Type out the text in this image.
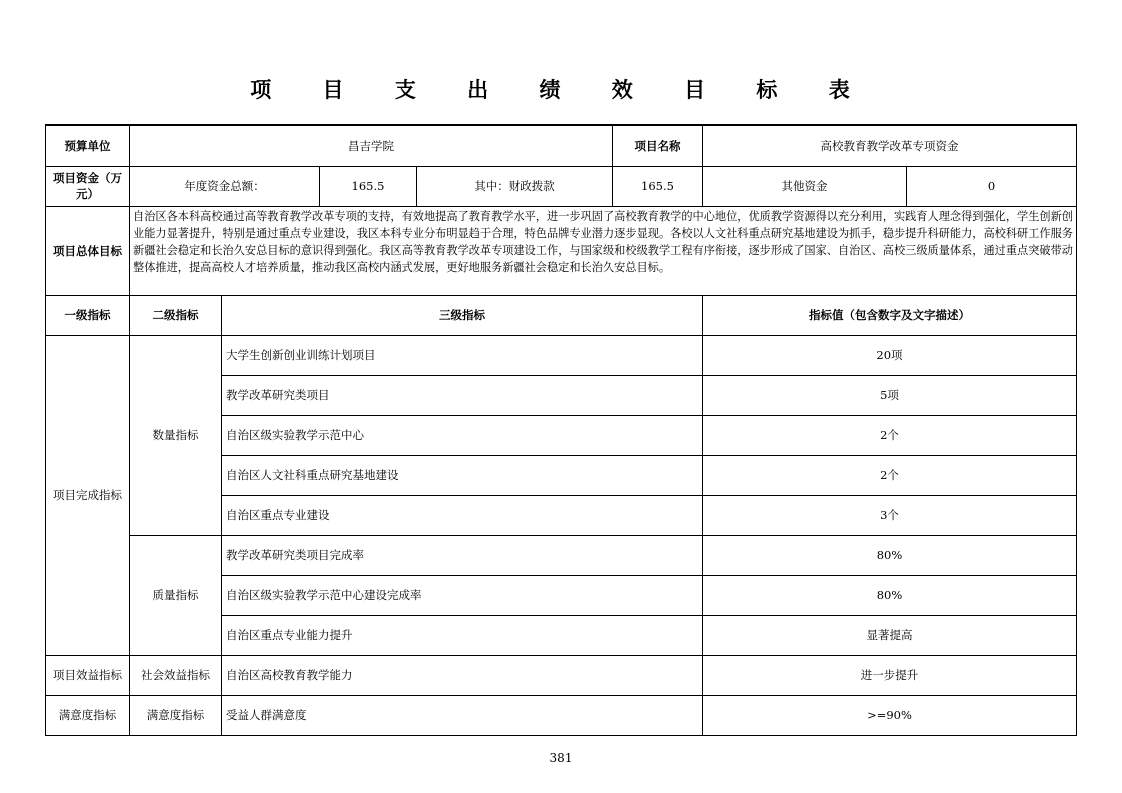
项 目 支 出 绩 效 目 标 表
预算单位	昌吉学院				项目名称	高校教育教学改革专项资金	
项目资金（万元）	年度资金总额：		165.5	其中：财政拨款	165.5	其他资金	0
项目总体目标	自治区各本科高校通过高等教育教学改革专项的支持，有效地提高了教育教学水平，进一步巩固了高校教育教学的中心地位，优质教学资源得以充分利用，实践育人理念得到强化，学生创新创业能力显著提升，特别是通过重点专业建设，我区本科专业分布明显趋于合理，特色品牌专业潜力逐步显现。各校以人文社科重点研究基地建设为抓手，稳步提升科研能力，高校科研工作服务新疆社会稳定和长治久安总目标的意识得到强化。我区高等教育教学改革专项建设工作，与国家级和校级教学工程有序衔接，逐步形成了国家、自治区、高校三级质量体系，通过重点突破带动整体推进，提高高校人才培养质量，推动我区高校内涵式发展，更好地服务新疆社会稳定和长治久安总目标。						
一级指标	二级指标	三级指标				指标值（包含数字及文字描述）	
项目完成指标	数量指标	大学生创新创业训练计划项目				20项	
		教学改革研究类项目				5项	
		自治区级实验教学示范中心				2个	
		自治区人文社科重点研究基地建设				2个	
		自治区重点专业建设				3个	
	质量指标	教学改革研究类项目完成率				80%	
		自治区级实验教学示范中心建设完成率				80%	
		自治区重点专业能力提升				显著提高	
项目效益指标	社会效益指标	自治区高校教育教学能力				进一步提升	
满意度指标	满意度指标	受益人群满意度				>=90%	
381
